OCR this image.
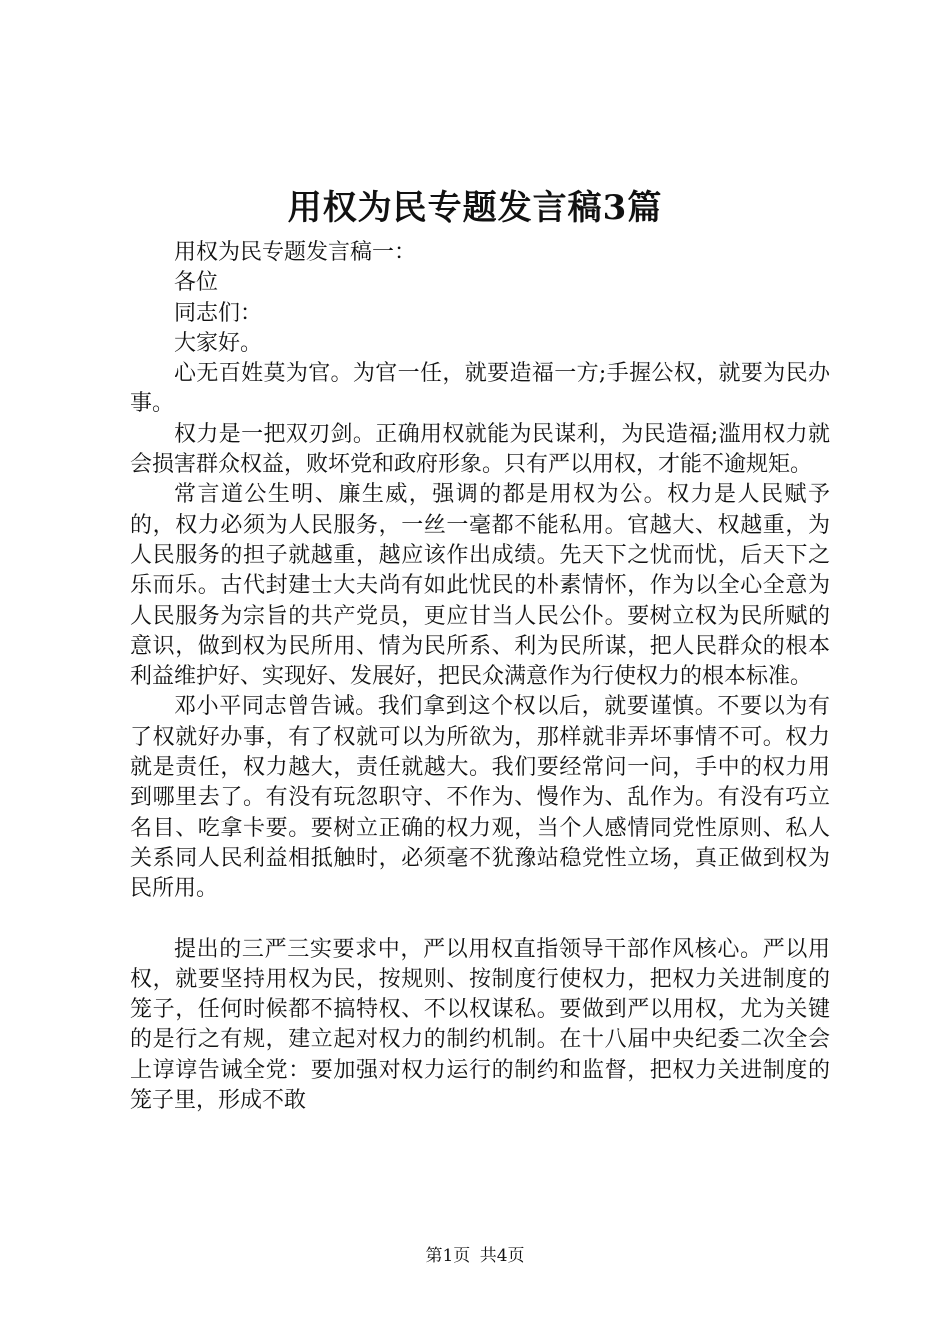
用权为民专题发言稿3篇

用权为民专题发言稿一：

各位

同志们：

大家好。

心无百姓莫为官。为官一任，就要造福一方;手握公权，就要为民办事。

权力是一把双刃剑。正确用权就能为民谋利，为民造福;滥用权力就会损害群众权益，败坏党和政府形象。只有严以用权，才能不逾规矩。

常言道公生明、廉生威，强调的都是用权为公。权力是人民赋予的，权力必须为人民服务，一丝一毫都不能私用。官越大、权越重，为人民服务的担子就越重，越应该作出成绩。先天下之忧而忧，后天下之乐而乐。古代封建士大夫尚有如此忧民的朴素情怀，作为以全心全意为人民服务为宗旨的共产党员，更应甘当人民公仆。要树立权为民所赋的意识，做到权为民所用、情为民所系、利为民所谋，把人民群众的根本利益维护好、实现好、发展好，把民众满意作为行使权力的根本标准。

邓小平同志曾告诫。我们拿到这个权以后，就要谨慎。不要以为有了权就好办事，有了权就可以为所欲为，那样就非弄坏事情不可。权力就是责任，权力越大，责任就越大。我们要经常问一问，手中的权力用到哪里去了。有没有玩忽职守、不作为、慢作为、乱作为。有没有巧立名目、吃拿卡要。要树立正确的权力观，当个人感情同党性原则、私人关系同人民利益相抵触时，必须毫不犹豫站稳党性立场，真正做到权为民所用。

提出的三严三实要求中，严以用权直指领导干部作风核心。严以用权，就要坚持用权为民，按规则、按制度行使权力，把权力关进制度的笼子，任何时候都不搞特权、不以权谋私。要做到严以用权，尤为关键的是行之有规，建立起对权力的制约机制。在十八届中央纪委二次全会上谆谆告诫全党：要加强对权力运行的制约和监督，把权力关进制度的笼子里，形成不敢

第1页 共4页
